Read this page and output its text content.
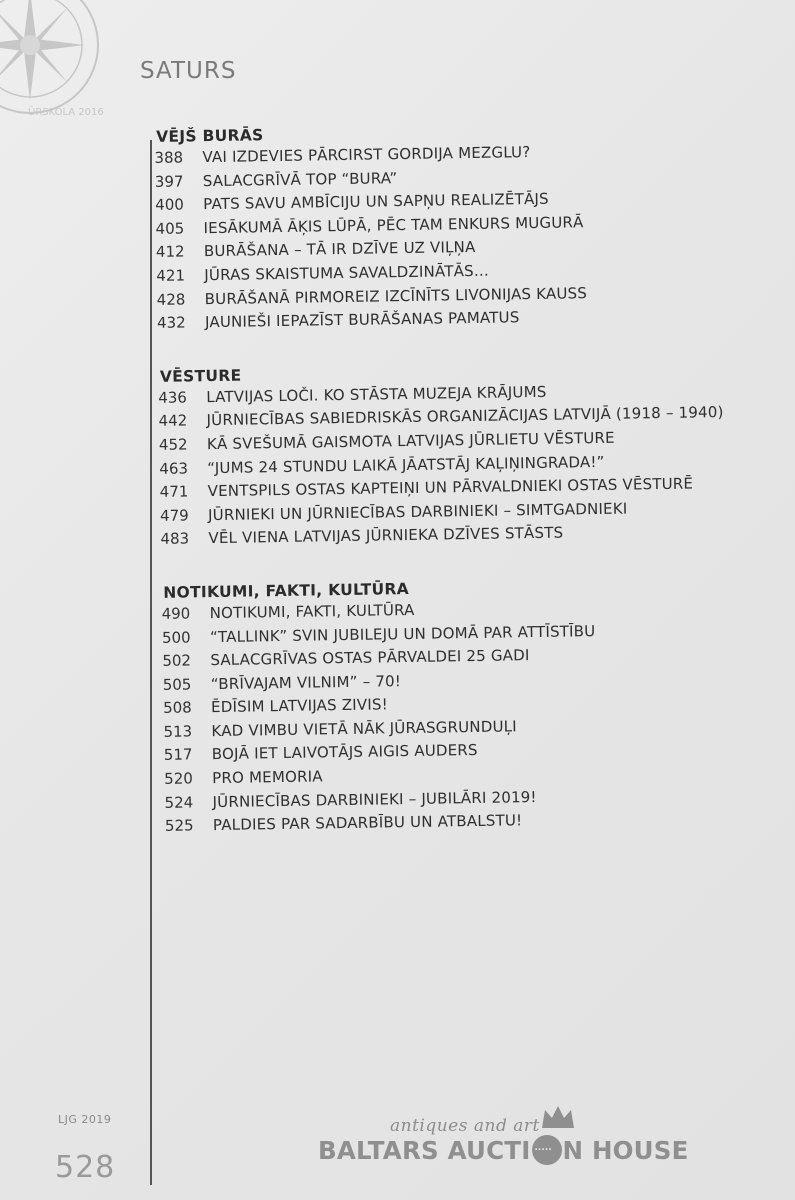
ŪRSKOLA 2016
SATURS
VĒJŠ BURĀS
388	VAI IZDEVIES PĀRCIRST GORDIJA MEZGLU?
397	SALACGRĪVĀ TOP “BURA”
400	PATS SAVU AMBĪCIJU UN SAPŅU REALIZĒTĀJS
405	IESĀKUMĀ ĀĶIS LŪPĀ, PĒC TAM ENKURS MUGURĀ
412	BURĀŠANA – TĀ IR DZĪVE UZ VIĻŅA
421	JŪRAS SKAISTUMA SAVALDZINĀTĀS…
428	BURĀŠANĀ PIRMOREIZ IZCĪNĪTS LIVONIJAS KAUSS
432	JAUNIEŠI IEPAZĪST BURĀŠANAS PAMATUS
VĒSTURE
436	LATVIJAS LOČI. KO STĀSTA MUZEJA KRĀJUMS
442	JŪRNIECĪBAS SABIEDRISKĀS ORGANIZĀCIJAS LATVIJĀ (1918 – 1940)
452	KĀ SVEŠUMĀ GAISMOTA LATVIJAS JŪRLIETU VĒSTURE
463	“JUMS 24 STUNDU LAIKĀ JĀATSTĀJ KAĻIŅINGRADA!”
471	VENTSPILS OSTAS KAPTEIŅI UN PĀRVALDNIEKI OSTAS VĒSTURĒ
479	JŪRNIEKI UN JŪRNIECĪBAS DARBINIEKI – SIMTGADNIEKI
483	VĒL VIENA LATVIJAS JŪRNIEKA DZĪVES STĀSTS
NOTIKUMI, FAKTI, KULTŪRA
490	NOTIKUMI, FAKTI, KULTŪRA
500	“TALLINK” SVIN JUBILEJU UN DOMĀ PAR ATTĪSTĪBU
502	SALACGRĪVAS OSTAS PĀRVALDEI 25 GADI
505	“BRĪVAJAM VILNIM” – 70!
508	ĒDĪSIM LATVIJAS ZIVIS!
513	KAD VIMBU VIETĀ NĀK JŪRASGRUNDUĻI
517	BOJĀ IET LAIVOTĀJS AIGIS AUDERS
520	PRO MEMORIA
524	JŪRNIECĪBAS DARBINIEKI – JUBILĀRI 2019!
525	PALDIES PAR SADARBĪBU UN ATBALSTU!
LJG 2019
528
antiques and art
BALTARS AUCTI ..... N HOUSE
